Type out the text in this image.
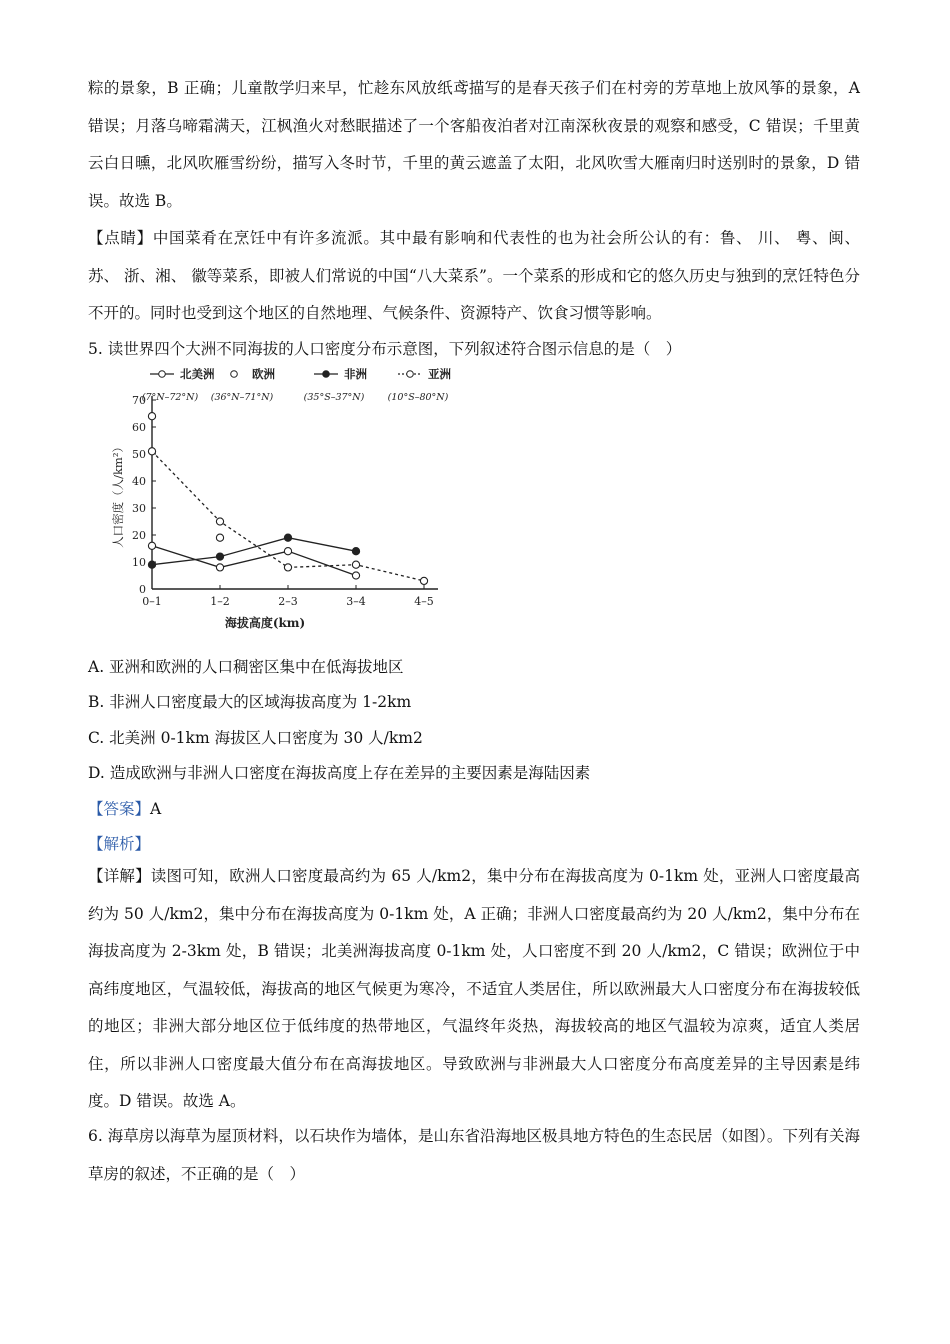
粽的景象，B 正确；儿童散学归来早，忙趁东风放纸鸢描写的是春天孩子们在村旁的芳草地上放风筝的景象，A 错误；月落乌啼霜满天，江枫渔火对愁眠描述了一个客船夜泊者对江南深秋夜景的观察和感受，C 错误；千里黄云白日曛，北风吹雁雪纷纷，描写入冬时节，千里的黄云遮盖了太阳，北风吹雪大雁南归时送别时的景象，D 错误。故选 B。

【点睛】中国菜肴在烹饪中有许多流派。其中最有影响和代表性的也为社会所公认的有：鲁、 川、 粤、闽、 苏、 浙、湘、 徽等菜系，即被人们常说的中国“八大菜系”。一个菜系的形成和它的悠久历史与独到的烹饪特色分不开的。同时也受到这个地区的自然地理、气候条件、资源特产、饮食习惯等影响。

5. 读世界四个大洲不同海拔的人口密度分布示意图，下列叙述符合图示信息的是（　）

北美洲
(7°N–72°N)
欧洲
(36°N–71°N)
非洲
(35°S–37°N)
亚洲
(10°S–80°N)
0
10
20
30
40
50
60
70
0–1	1–2	2–3	3–4	4–5
海拔高度(km)
人口密度（人/km²）

A. 亚洲和欧洲的人口稠密区集中在低海拔地区

B. 非洲人口密度最大的区域海拔高度为 1-2km

C. 北美洲 0-1km 海拔区人口密度为 30 人/km2

D. 造成欧洲与非洲人口密度在海拔高度上存在差异的主要因素是海陆因素

【答案】A

【解析】

【详解】读图可知，欧洲人口密度最高约为 65 人/km2，集中分布在海拔高度为 0-1km 处，亚洲人口密度最高约为 50 人/km2，集中分布在海拔高度为 0-1km 处，A 正确；非洲人口密度最高约为 20 人/km2，集中分布在海拔高度为 2-3km 处，B 错误；北美洲海拔高度 0-1km 处，人口密度不到 20 人/km2，C 错误；欧洲位于中高纬度地区，气温较低，海拔高的地区气候更为寒冷，不适宜人类居住，所以欧洲最大人口密度分布在海拔较低的地区；非洲大部分地区位于低纬度的热带地区，气温终年炎热，海拔较高的地区气温较为凉爽，适宜人类居住，所以非洲人口密度最大值分布在高海拔地区。导致欧洲与非洲最大人口密度分布高度差异的主导因素是纬度。D 错误。故选 A。

6. 海草房以海草为屋顶材料，以石块作为墙体，是山东省沿海地区极具地方特色的生态民居（如图）。下列有关海草房的叙述，不正确的是（　）
